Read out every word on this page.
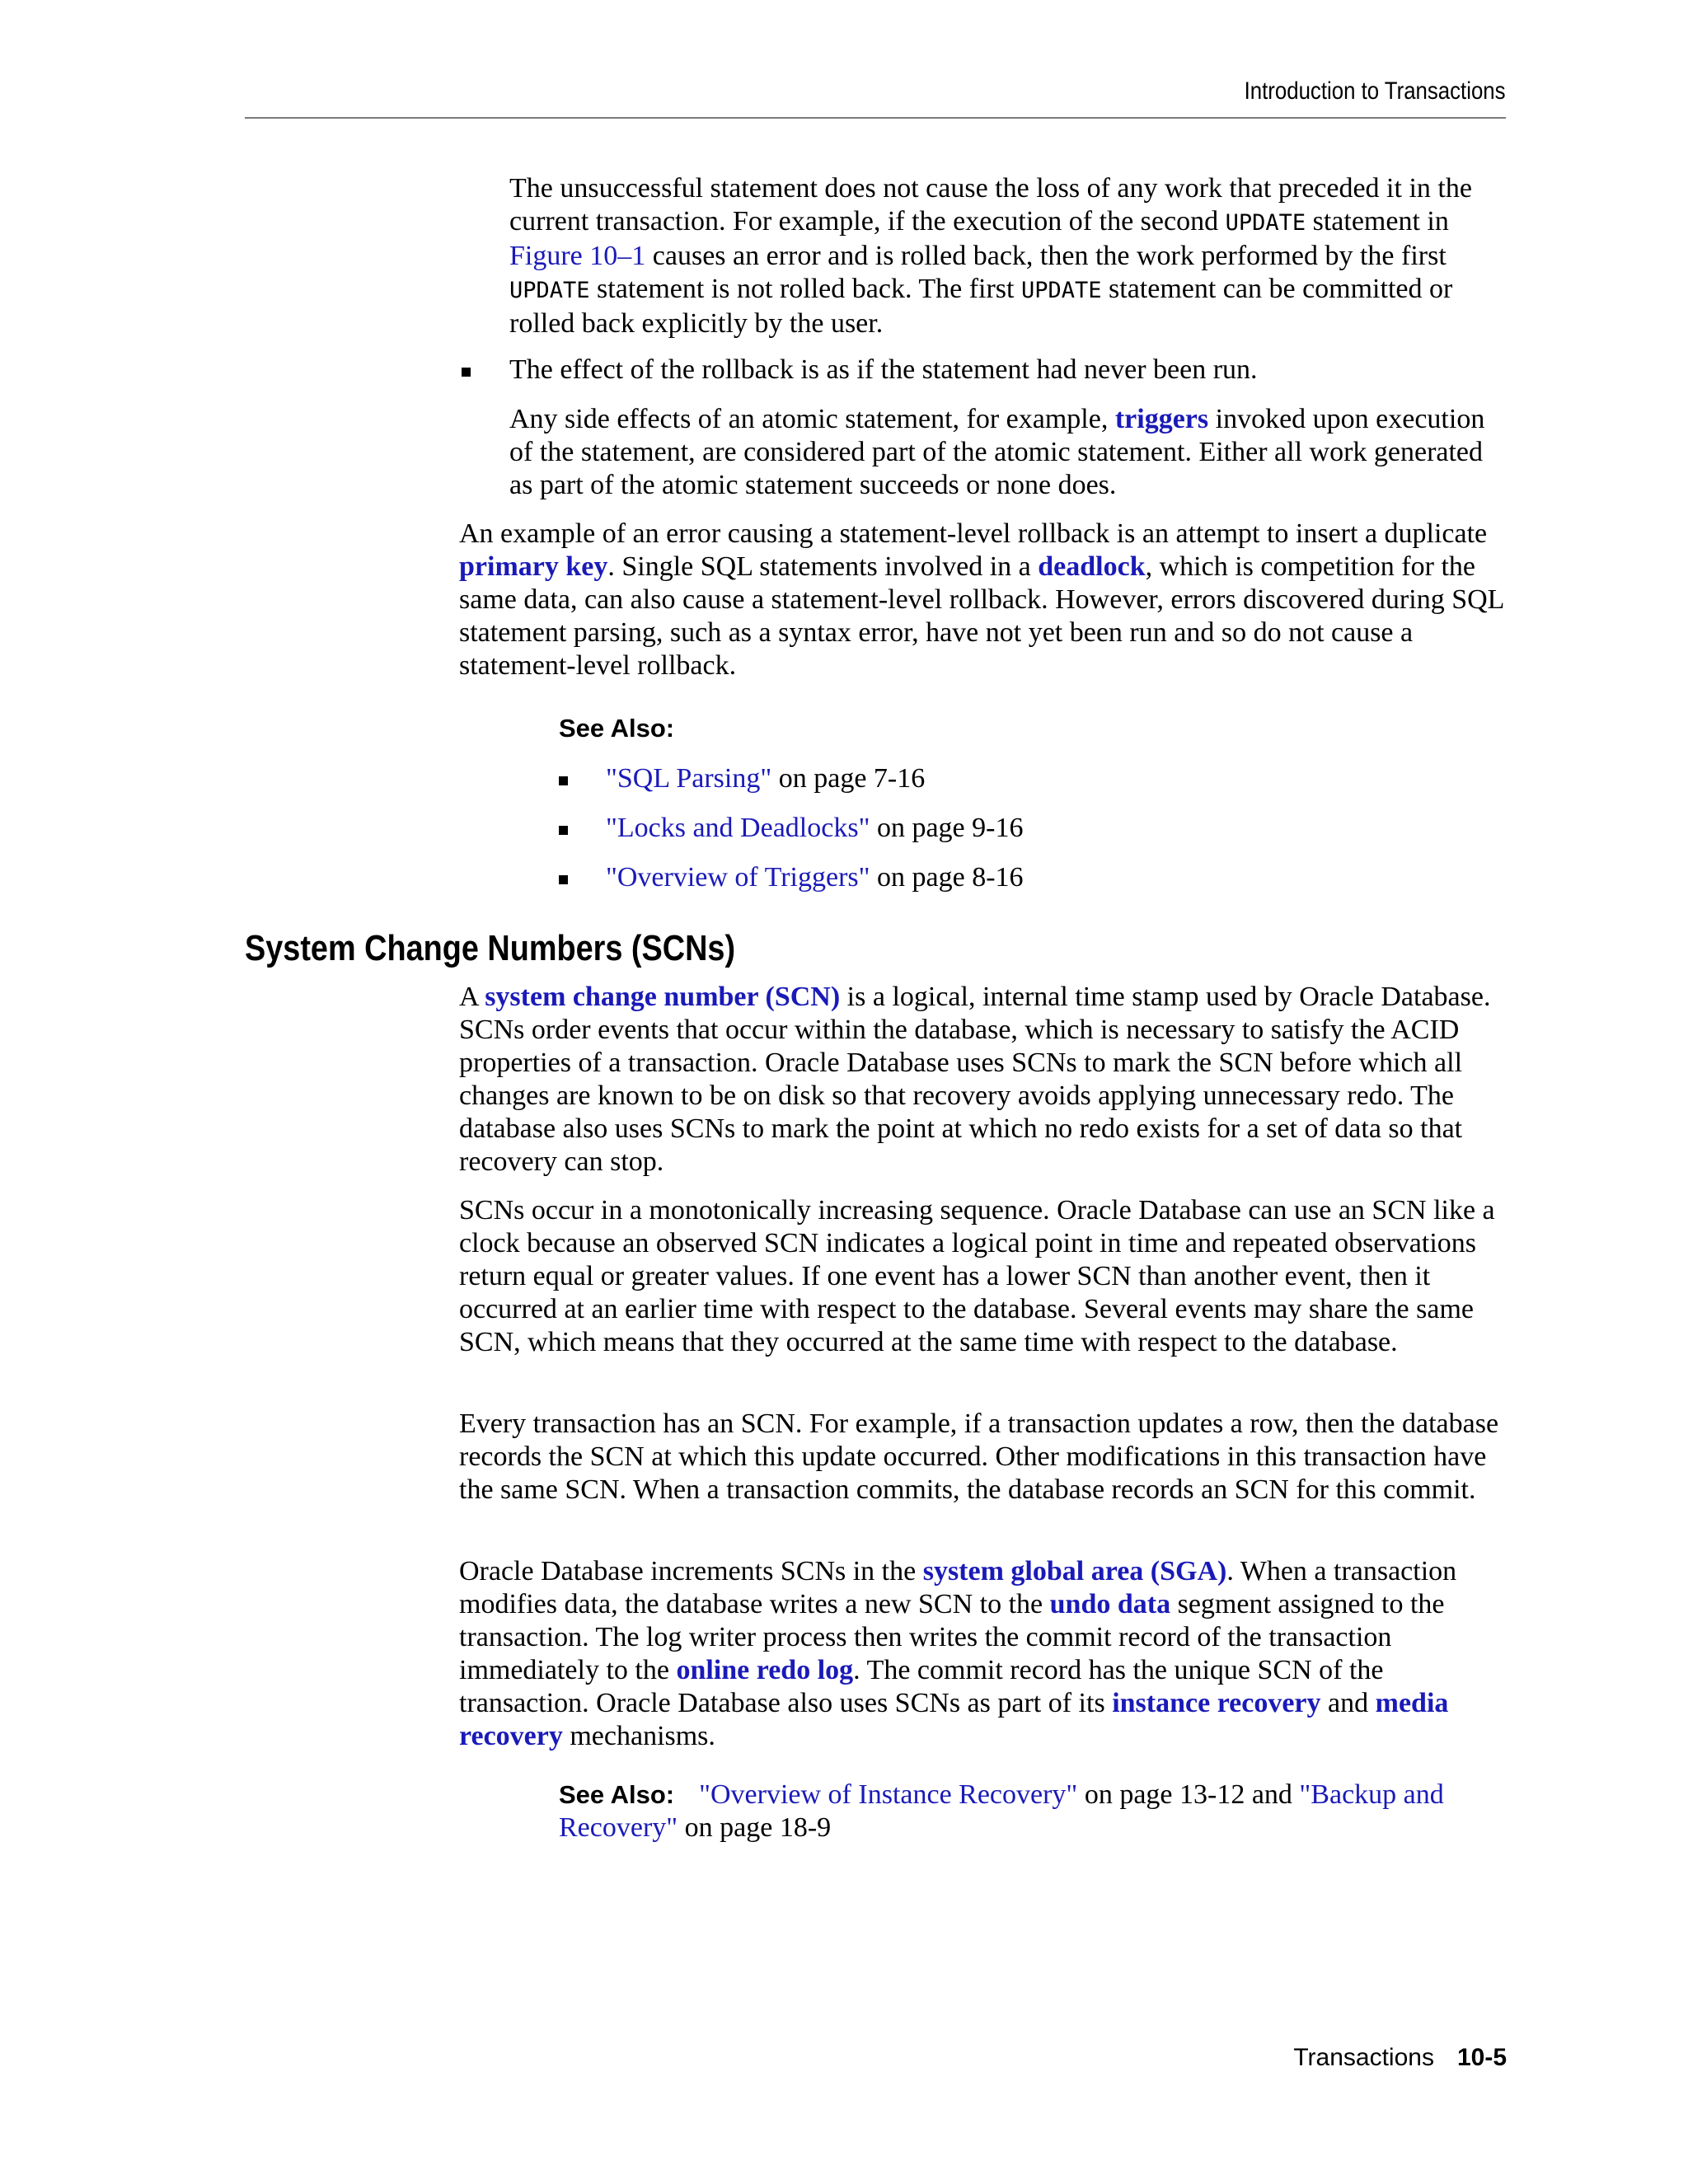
Introduction to Transactions

The unsuccessful statement does not cause the loss of any work that preceded it in the current transaction. For example, if the execution of the second UPDATE statement in Figure 10–1 causes an error and is rolled back, then the work performed by the first UPDATE statement is not rolled back. The first UPDATE statement can be committed or rolled back explicitly by the user.

The effect of the rollback is as if the statement had never been run.

Any side effects of an atomic statement, for example, triggers invoked upon execution of the statement, are considered part of the atomic statement. Either all work generated as part of the atomic statement succeeds or none does.

An example of an error causing a statement-level rollback is an attempt to insert a duplicate primary key. Single SQL statements involved in a deadlock, which is competition for the same data, can also cause a statement-level rollback. However, errors discovered during SQL statement parsing, such as a syntax error, have not yet been run and so do not cause a statement-level rollback.

See Also:
"SQL Parsing" on page 7-16
"Locks and Deadlocks" on page 9-16
"Overview of Triggers" on page 8-16
System Change Numbers (SCNs)

A system change number (SCN) is a logical, internal time stamp used by Oracle Database. SCNs order events that occur within the database, which is necessary to satisfy the ACID properties of a transaction. Oracle Database uses SCNs to mark the SCN before which all changes are known to be on disk so that recovery avoids applying unnecessary redo. The database also uses SCNs to mark the point at which no redo exists for a set of data so that recovery can stop.

SCNs occur in a monotonically increasing sequence. Oracle Database can use an SCN like a clock because an observed SCN indicates a logical point in time and repeated observations return equal or greater values. If one event has a lower SCN than another event, then it occurred at an earlier time with respect to the database. Several events may share the same SCN, which means that they occurred at the same time with respect to the database.

Every transaction has an SCN. For example, if a transaction updates a row, then the database records the SCN at which this update occurred. Other modifications in this transaction have the same SCN. When a transaction commits, the database records an SCN for this commit.

Oracle Database increments SCNs in the system global area (SGA). When a transaction modifies data, the database writes a new SCN to the undo data segment assigned to the transaction. The log writer process then writes the commit record of the transaction immediately to the online redo log. The commit record has the unique SCN of the transaction. Oracle Database also uses SCNs as part of its instance recovery and media recovery mechanisms.

See Also: "Overview of Instance Recovery" on page 13-12 and "Backup and Recovery" on page 18-9
Transactions 10-5
